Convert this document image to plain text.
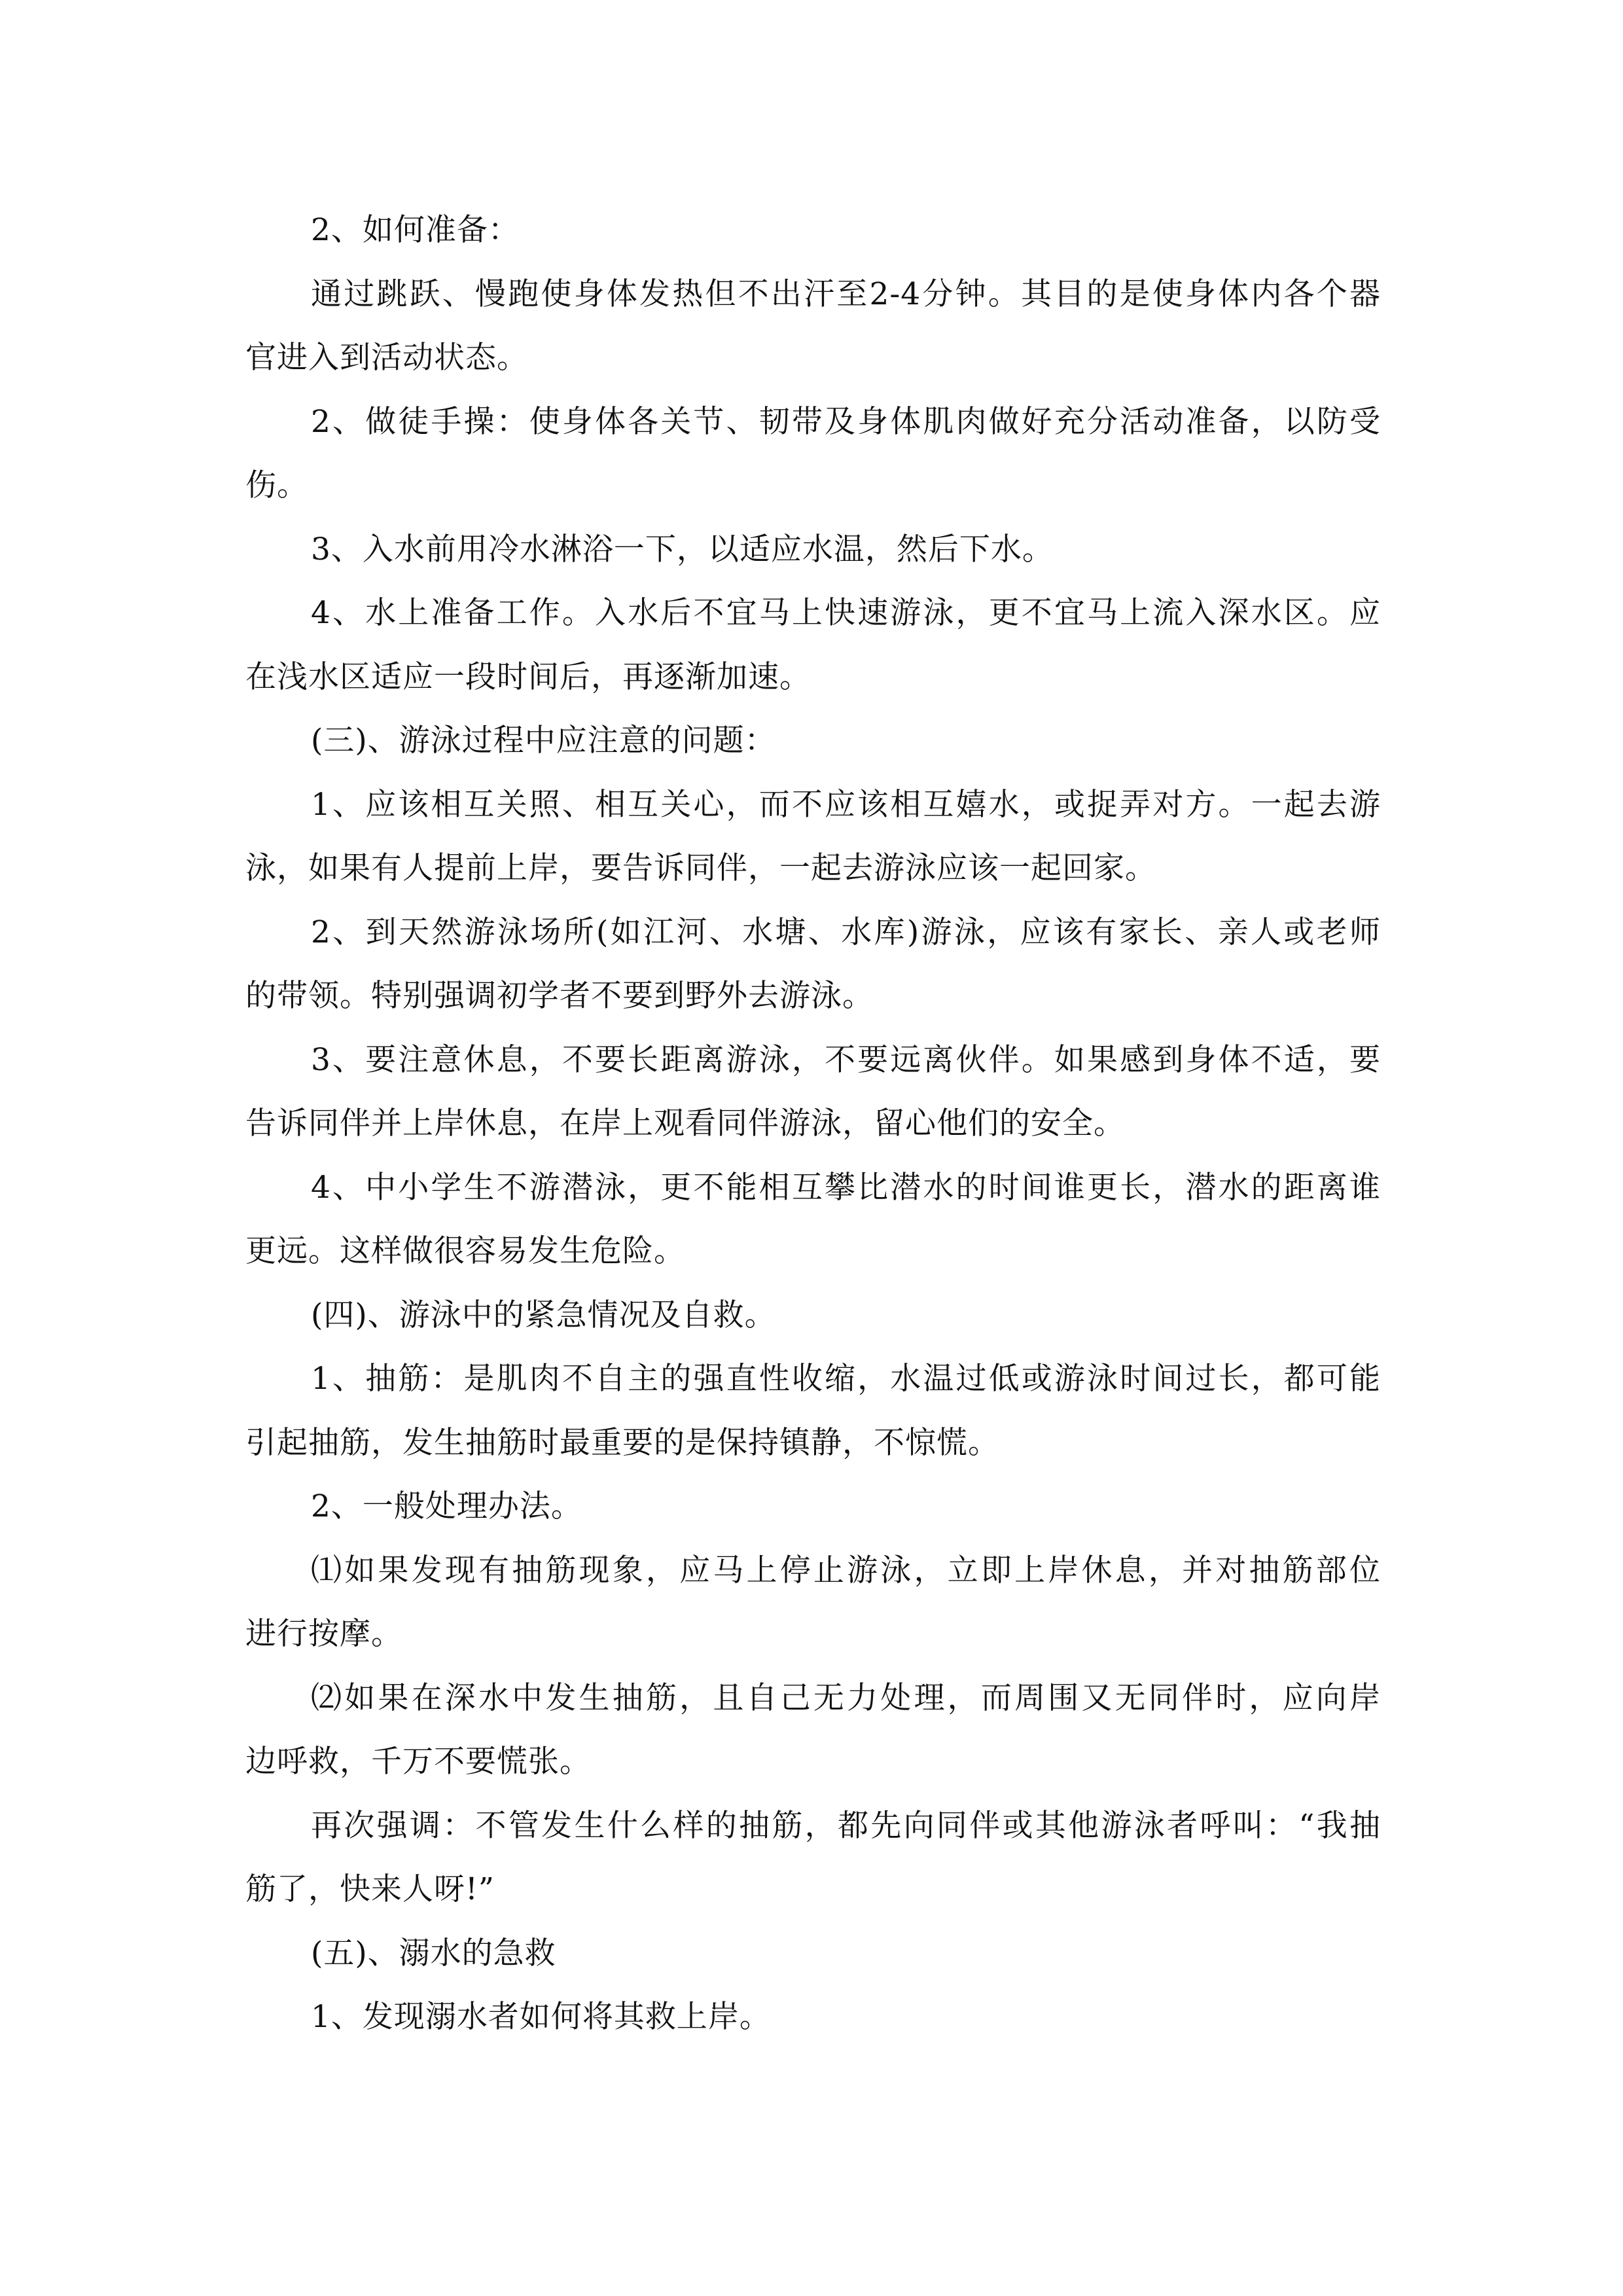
2、如何准备：
通过跳跃、慢跑使身体发热但不出汗至2-4分钟。其目的是使身体内各个器
官进入到活动状态。
2、做徒手操：使身体各关节、韧带及身体肌肉做好充分活动准备，以防受
伤。
3、入水前用冷水淋浴一下，以适应水温，然后下水。
4、水上准备工作。入水后不宜马上快速游泳，更不宜马上流入深水区。应
在浅水区适应一段时间后，再逐渐加速。
(三)、游泳过程中应注意的问题：
1、应该相互关照、相互关心，而不应该相互嬉水，或捉弄对方。一起去游
泳，如果有人提前上岸，要告诉同伴，一起去游泳应该一起回家。
2、到天然游泳场所(如江河、水塘、水库)游泳，应该有家长、亲人或老师
的带领。特别强调初学者不要到野外去游泳。
3、要注意休息，不要长距离游泳，不要远离伙伴。如果感到身体不适，要
告诉同伴并上岸休息，在岸上观看同伴游泳，留心他们的安全。
4、中小学生不游潜泳，更不能相互攀比潜水的时间谁更长，潜水的距离谁
更远。这样做很容易发生危险。
(四)、游泳中的紧急情况及自救。
1、抽筋：是肌肉不自主的强直性收缩，水温过低或游泳时间过长，都可能
引起抽筋，发生抽筋时最重要的是保持镇静，不惊慌。
2、一般处理办法。
⑴如果发现有抽筋现象，应马上停止游泳，立即上岸休息，并对抽筋部位
进行按摩。
⑵如果在深水中发生抽筋，且自己无力处理，而周围又无同伴时，应向岸
边呼救，千万不要慌张。
再次强调：不管发生什么样的抽筋，都先向同伴或其他游泳者呼叫：“我抽
筋了，快来人呀!”
(五)、溺水的急救
1、发现溺水者如何将其救上岸。
